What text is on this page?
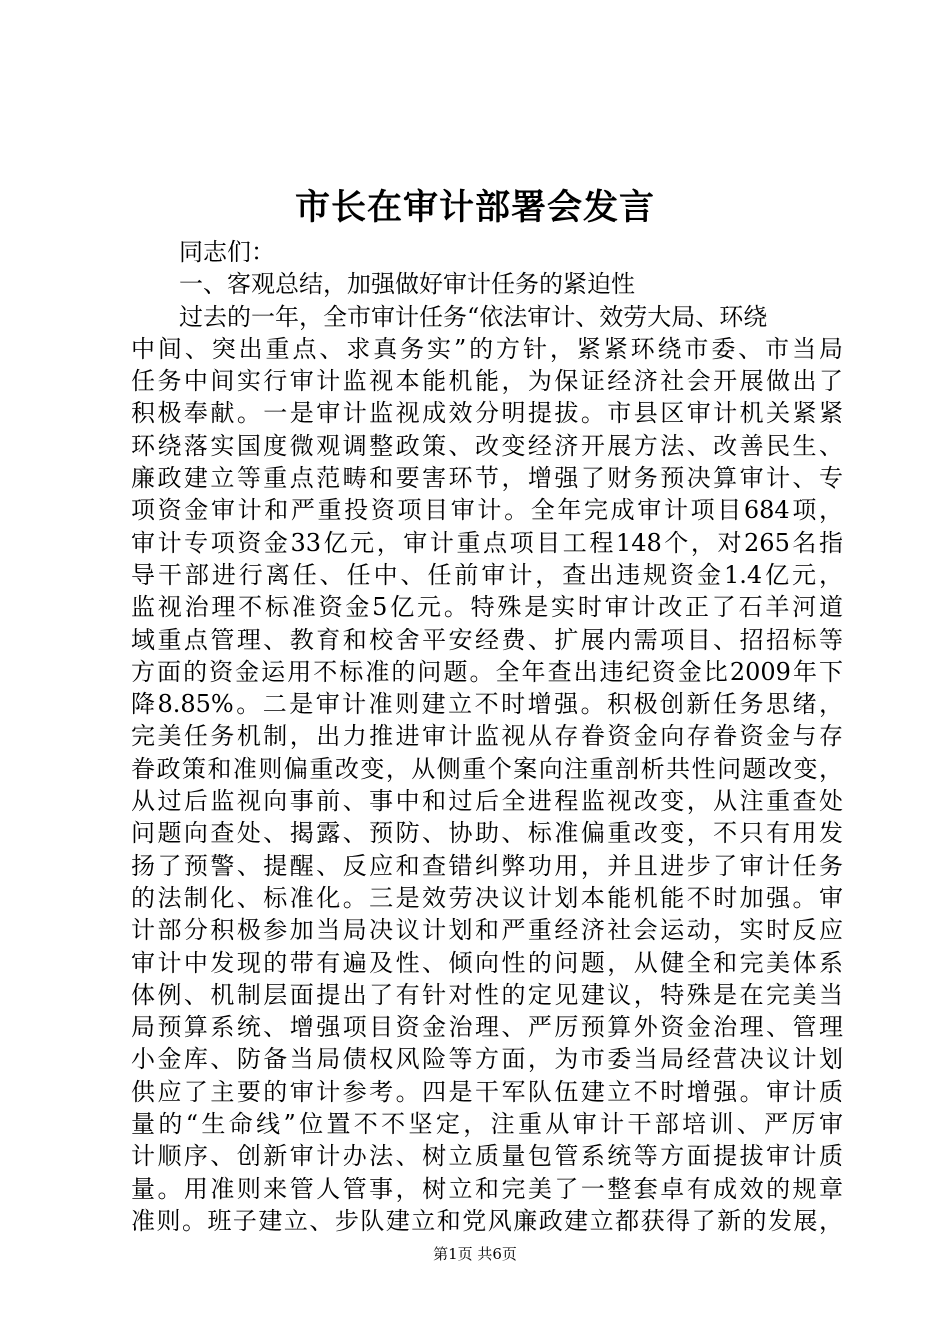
市长在审计部署会发言
同志们：
一、客观总结，加强做好审计任务的紧迫性
过去的一年，全市审计任务“依法审计、效劳大局、环绕
中间、突出重点、求真务实”的方针，紧紧环绕市委、市当局
任务中间实行审计监视本能机能，为保证经济社会开展做出了
积极奉献。一是审计监视成效分明提拔。市县区审计机关紧紧
环绕落实国度微观调整政策、改变经济开展方法、改善民生、
廉政建立等重点范畴和要害环节，增强了财务预决算审计、专
项资金审计和严重投资项目审计。全年完成审计项目684项，
审计专项资金33亿元，审计重点项目工程148个，对265名指
导干部进行离任、任中、任前审计，查出违规资金1.4亿元，
监视治理不标准资金5亿元。特殊是实时审计改正了石羊河道
域重点管理、教育和校舍平安经费、扩展内需项目、招招标等
方面的资金运用不标准的问题。全年查出违纪资金比2009年下
降8.85%。二是审计准则建立不时增强。积极创新任务思绪，
完美任务机制，出力推进审计监视从存眷资金向存眷资金与存
眷政策和准则偏重改变，从侧重个案向注重剖析共性问题改变，
从过后监视向事前、事中和过后全进程监视改变，从注重查处
问题向查处、揭露、预防、协助、标准偏重改变，不只有用发
扬了预警、提醒、反应和查错纠弊功用，并且进步了审计任务
的法制化、标准化。三是效劳决议计划本能机能不时加强。审
计部分积极参加当局决议计划和严重经济社会运动，实时反应
审计中发现的带有遍及性、倾向性的问题，从健全和完美体系
体例、机制层面提出了有针对性的定见建议，特殊是在完美当
局预算系统、增强项目资金治理、严厉预算外资金治理、管理
小金库、防备当局债权风险等方面，为市委当局经营决议计划
供应了主要的审计参考。四是干军队伍建立不时增强。审计质
量的“生命线”位置不不坚定，注重从审计干部培训、严厉审
计顺序、创新审计办法、树立质量包管系统等方面提拔审计质
量。用准则来管人管事，树立和完美了一整套卓有成效的规章
准则。班子建立、步队建立和党风廉政建立都获得了新的发展，
第1页 共6页
